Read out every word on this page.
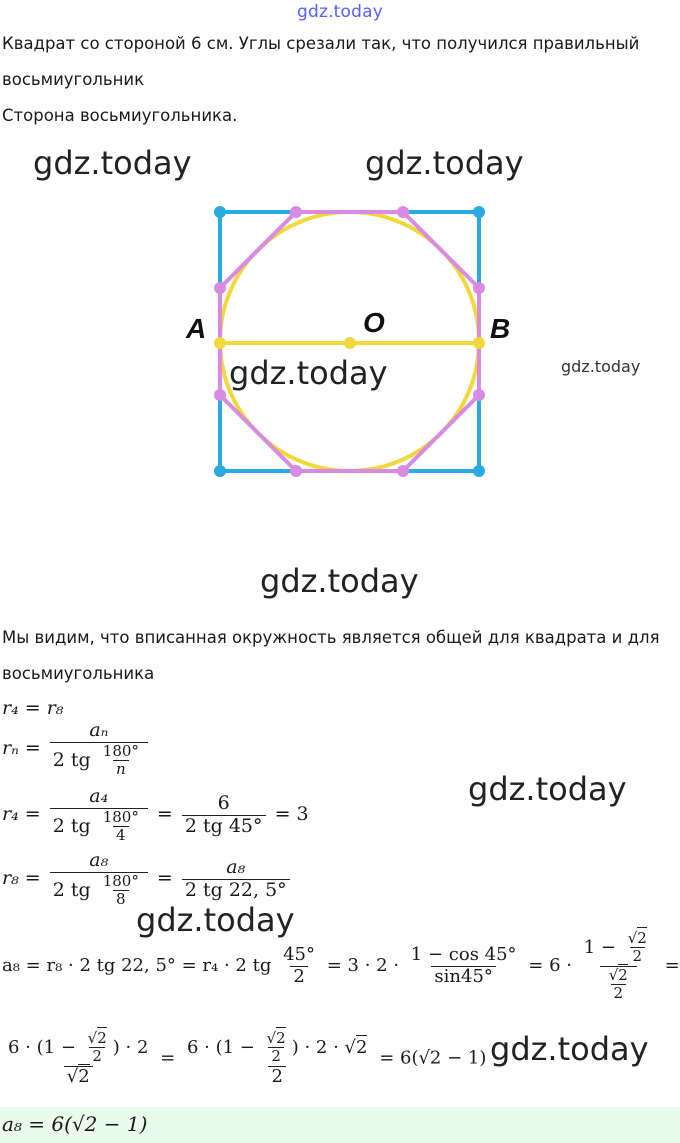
gdz.today
Квадрат со стороной 6 см. Углы срезали так, что получился правильный
восьмиугольник
Сторона восьмиугольника.
gdz.today	gdz.today
A	O	B
gdz.today	gdz.today
gdz.today
Мы видим, что вписанная окружность является общей для квадрата и для
восьмиугольника
r₄ = r₈
$r_n = \frac{\text{aₙ}}{2 tg \frac{180^\circ}{n}}$
$r_4 = \frac{\text{a₄}}{2 tg \frac{180^\circ}{4}} = \frac{6}{2 tg 45^\circ} = 3$
gdz.today
$r_8 = \frac{\text{a₈}}{2 tg \frac{180^\circ}{8}} = \frac{\text{a₈}}{2 tg 22, 5^\circ}$
gdz.today
a₈ = r₈ · 2 tg 22, 5° = r₄ · 2 tg $\frac{45^\circ}{2} = 3 \cdot 2 \cdot \frac{1 - \cos 45^\circ}{\sin 45^\circ} = 6 \cdot \frac{1 - \frac{√2}{2}}{\frac{√2}{2}}$ =
$\frac{6 \cdot (1 - \frac{√2}{2} ) \cdot 2}{√2} = \frac{6 \cdot (1 - \frac{√2}{2} ) \cdot 2 \cdot √2}{2} = 6(√2 - 1)$ gdz.today
a₈ = 6(√2 − 1)
